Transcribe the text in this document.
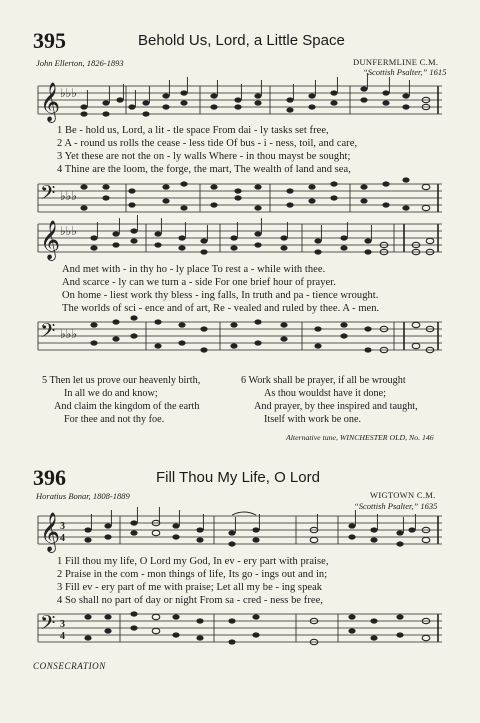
395	Behold Us, Lord, a Little Space
John Ellerton, 1826-1893	DUNFERMLINE C.M.
“Scottish Psalter,” 1615
𝄞 ♭♭♭
1 Be - hold us, Lord, a lit - tle space From dai - ly tasks set free,
2 A - round us rolls the cease - less tide Of bus - i - ness, toil, and care,
3 Yet these are not the on - ly walls Where - in thou mayst be sought;
4 Thine are the loom, the forge, the mart, The wealth of land and sea,
𝄢 ♭♭♭
𝄞 ♭♭♭
And met with - in thy ho - ly place To rest a - while with thee.
And scarce - ly can we turn a - side For one brief hour of prayer.
On home - liest work thy bless - ing falls, In truth and pa - tience wrought.
The worlds of sci - ence and of art, Re - vealed and ruled by thee. A - men.
𝄢 ♭♭♭
5 Then let us prove our heavenly birth,
In all we do and know;
And claim the kingdom of the earth
For thee and not thy foe.
6 Work shall be prayer, if all be wrought
As thou wouldst have it done;
And prayer, by thee inspired and taught,
Itself with work be one.
Alternative tune, WINCHESTER OLD, No. 146
396	Fill Thou My Life, O Lord
Horatius Bonar, 1808-1889	WIGTOWN C.M.
“Scottish Psalter,” 1635
𝄞 3
4
1 Fill thou my life, O Lord my God, In ev - ery part with praise,
2 Praise in the com - mon things of life, Its go - ings out and in;
3 Fill ev - ery part of me with praise; Let all my be - ing speak
4 So shall no part of day or night From sa - cred - ness be free,
𝄢 3
4
CONSECRATION
